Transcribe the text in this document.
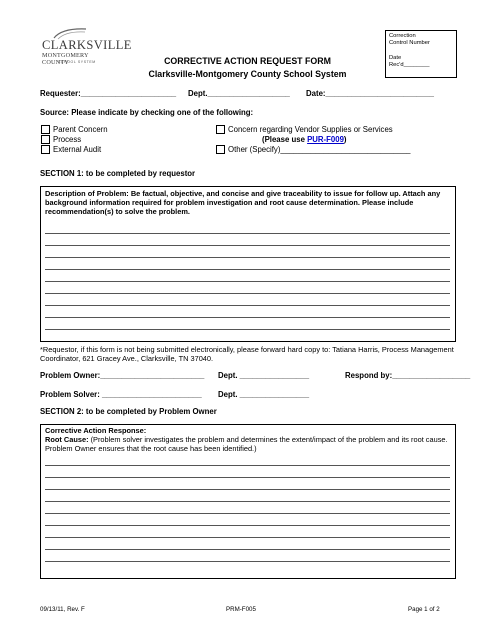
CLARKSVILLE
MONTGOMERY COUNTY
SCHOOL SYSTEM
Correction
Control Number
Date
Rec'd________
CORRECTIVE ACTION REQUEST FORM
Clarksville-Montgomery County School System
Requester:______________________ Dept.___________________ Date:_________________________
Source: Please indicate by checking one of the following:
Parent Concern
Process
External Audit
Concern regarding Vendor Supplies or Services
(Please use PUR-F009)
Other (Specify)______________________________
SECTION 1: to be completed by requestor
Description of Problem: Be factual, objective, and concise and give traceability to issue for follow up. Attach any background information required for problem investigation and root cause determination. Please include recommendation(s) to solve the problem.
*Requestor, if this form is not being submitted electronically, please forward hard copy to: Tatiana Harris, Process Management Coordinator, 621 Gracey Ave., Clarksville, TN 37040.
Problem Owner:________________________ Dept. ________________	Respond by:__________________
Problem Solver: _______________________ Dept. ________________
SECTION 2: to be completed by Problem Owner
Corrective Action Response:
Root Cause: (Problem solver investigates the problem and determines the extent/impact of the problem and its root cause. Problem Owner ensures that the root cause has been identified.)
09/13/11, Rev. F	PRM-F005	Page 1 of 2
